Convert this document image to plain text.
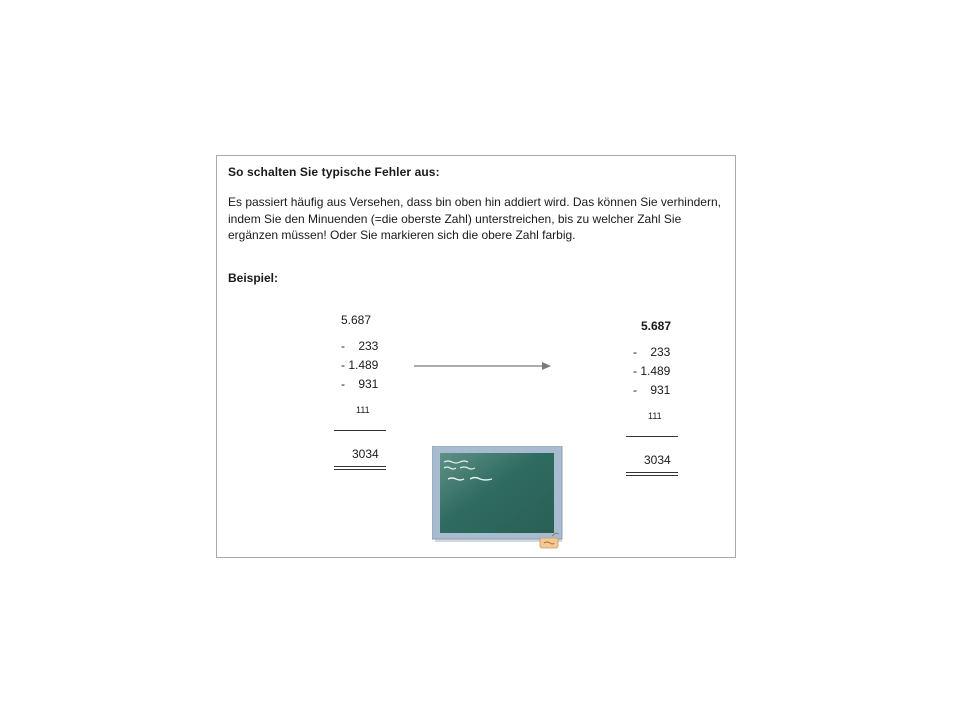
So schalten Sie typische Fehler aus:
Es passiert häufig aus Versehen, dass bin oben hin addiert wird. Das können Sie verhindern, indem Sie den Minuenden (=die oberste Zahl) unterstreichen, bis zu welcher Zahl Sie ergänzen müssen! Oder Sie markieren sich die obere Zahl farbig.
Beispiel:
5.687
-    233
- 1.489
-    931
111
3034
5.687
-    233
- 1.489
-    931
111
3034
